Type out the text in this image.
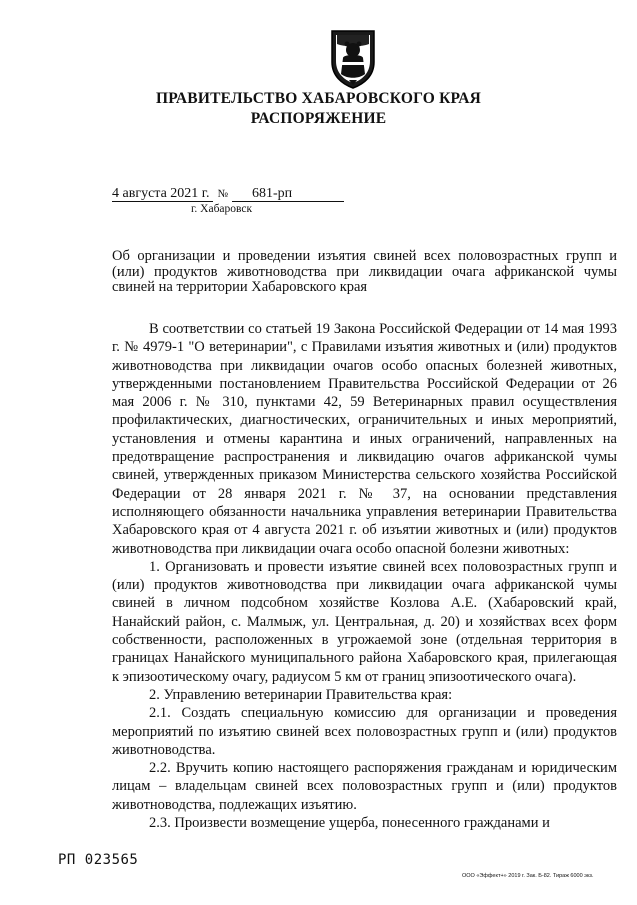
ПРАВИТЕЛЬСТВО ХАБАРОВСКОГО КРАЯ
РАСПОРЯЖЕНИЕ
4 августа 2021 г. № 681-рп
г. Хабаровск
Об организации и проведении изъятия свиней всех половозрастных групп и (или) продуктов животноводства при ликвидации очага африканской чумы свиней на территории Хабаровского края

В соответствии со статьей 19 Закона Российской Федерации от 14 мая 1993 г. № 4979-1 "О ветеринарии", с Правилами изъятия животных и (или) продуктов животноводства при ликвидации очагов особо опасных болезней животных, утвержденными постановлением Правительства Российской Федерации от 26 мая 2006 г. № 310, пунктами 42, 59 Ветеринарных правил осуществления профилактических, диагностических, ограничительных и иных мероприятий, установления и отмены карантина и иных ограничений, направленных на предотвращение распространения и ликвидацию очагов африканской чумы свиней, утвержденных приказом Министерства сельского хозяйства Российской Федерации от 28 января 2021 г. № 37, на основании представления исполняющего обязанности начальника управления ветеринарии Правительства Хабаровского края от 4 августа 2021 г. об изъятии животных и (или) продуктов животноводства при ликвидации очага особо опасной болезни животных:

1. Организовать и провести изъятие свиней всех половозрастных групп и (или) продуктов животноводства при ликвидации очага африканской чумы свиней в личном подсобном хозяйстве Козлова А.Е. (Хабаровский край, Нанайский район, с. Малмыж, ул. Центральная, д. 20) и хозяйствах всех форм собственности, расположенных в угрожаемой зоне (отдельная территория в границах Нанайского муниципального района Хабаровского края, прилегающая к эпизоотическому очагу, радиусом 5 км от границ эпизоотического очага).

2. Управлению ветеринарии Правительства края:

2.1. Создать специальную комиссию для организации и проведения мероприятий по изъятию свиней всех половозрастных групп и (или) продуктов животноводства.

2.2. Вручить копию настоящего распоряжения гражданам и юридическим лицам – владельцам свиней всех половозрастных групп и (или) продуктов животноводства, подлежащих изъятию.

2.3. Произвести возмещение ущерба, понесенного гражданами и

РП 023565
ООО «Эффект+» 2019 г. Зак. Б-82. Тираж 6000 экз.
